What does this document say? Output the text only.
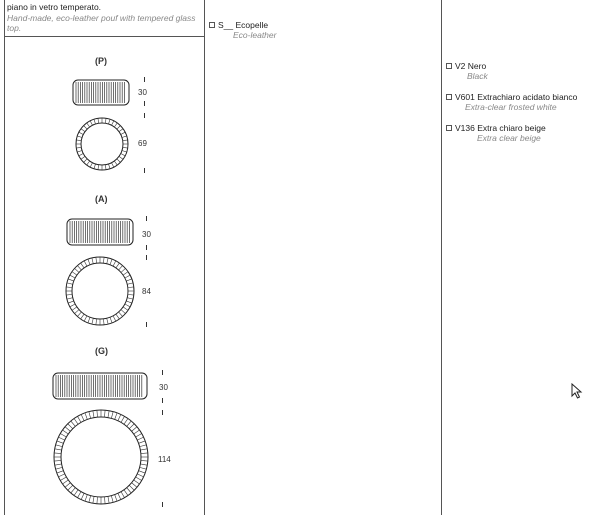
piano in vetro temperato.
Hand-made, eco-leather pouf with tempered glass top.
(P)
30
69
(A)
30
84
(G)
30
114
S__ Ecopelle
Eco-leather
V2 Nero
Black
V601 Extrachiaro acidato bianco
Extra-clear frosted white
V136 Extra chiaro beige
Extra clear beige
